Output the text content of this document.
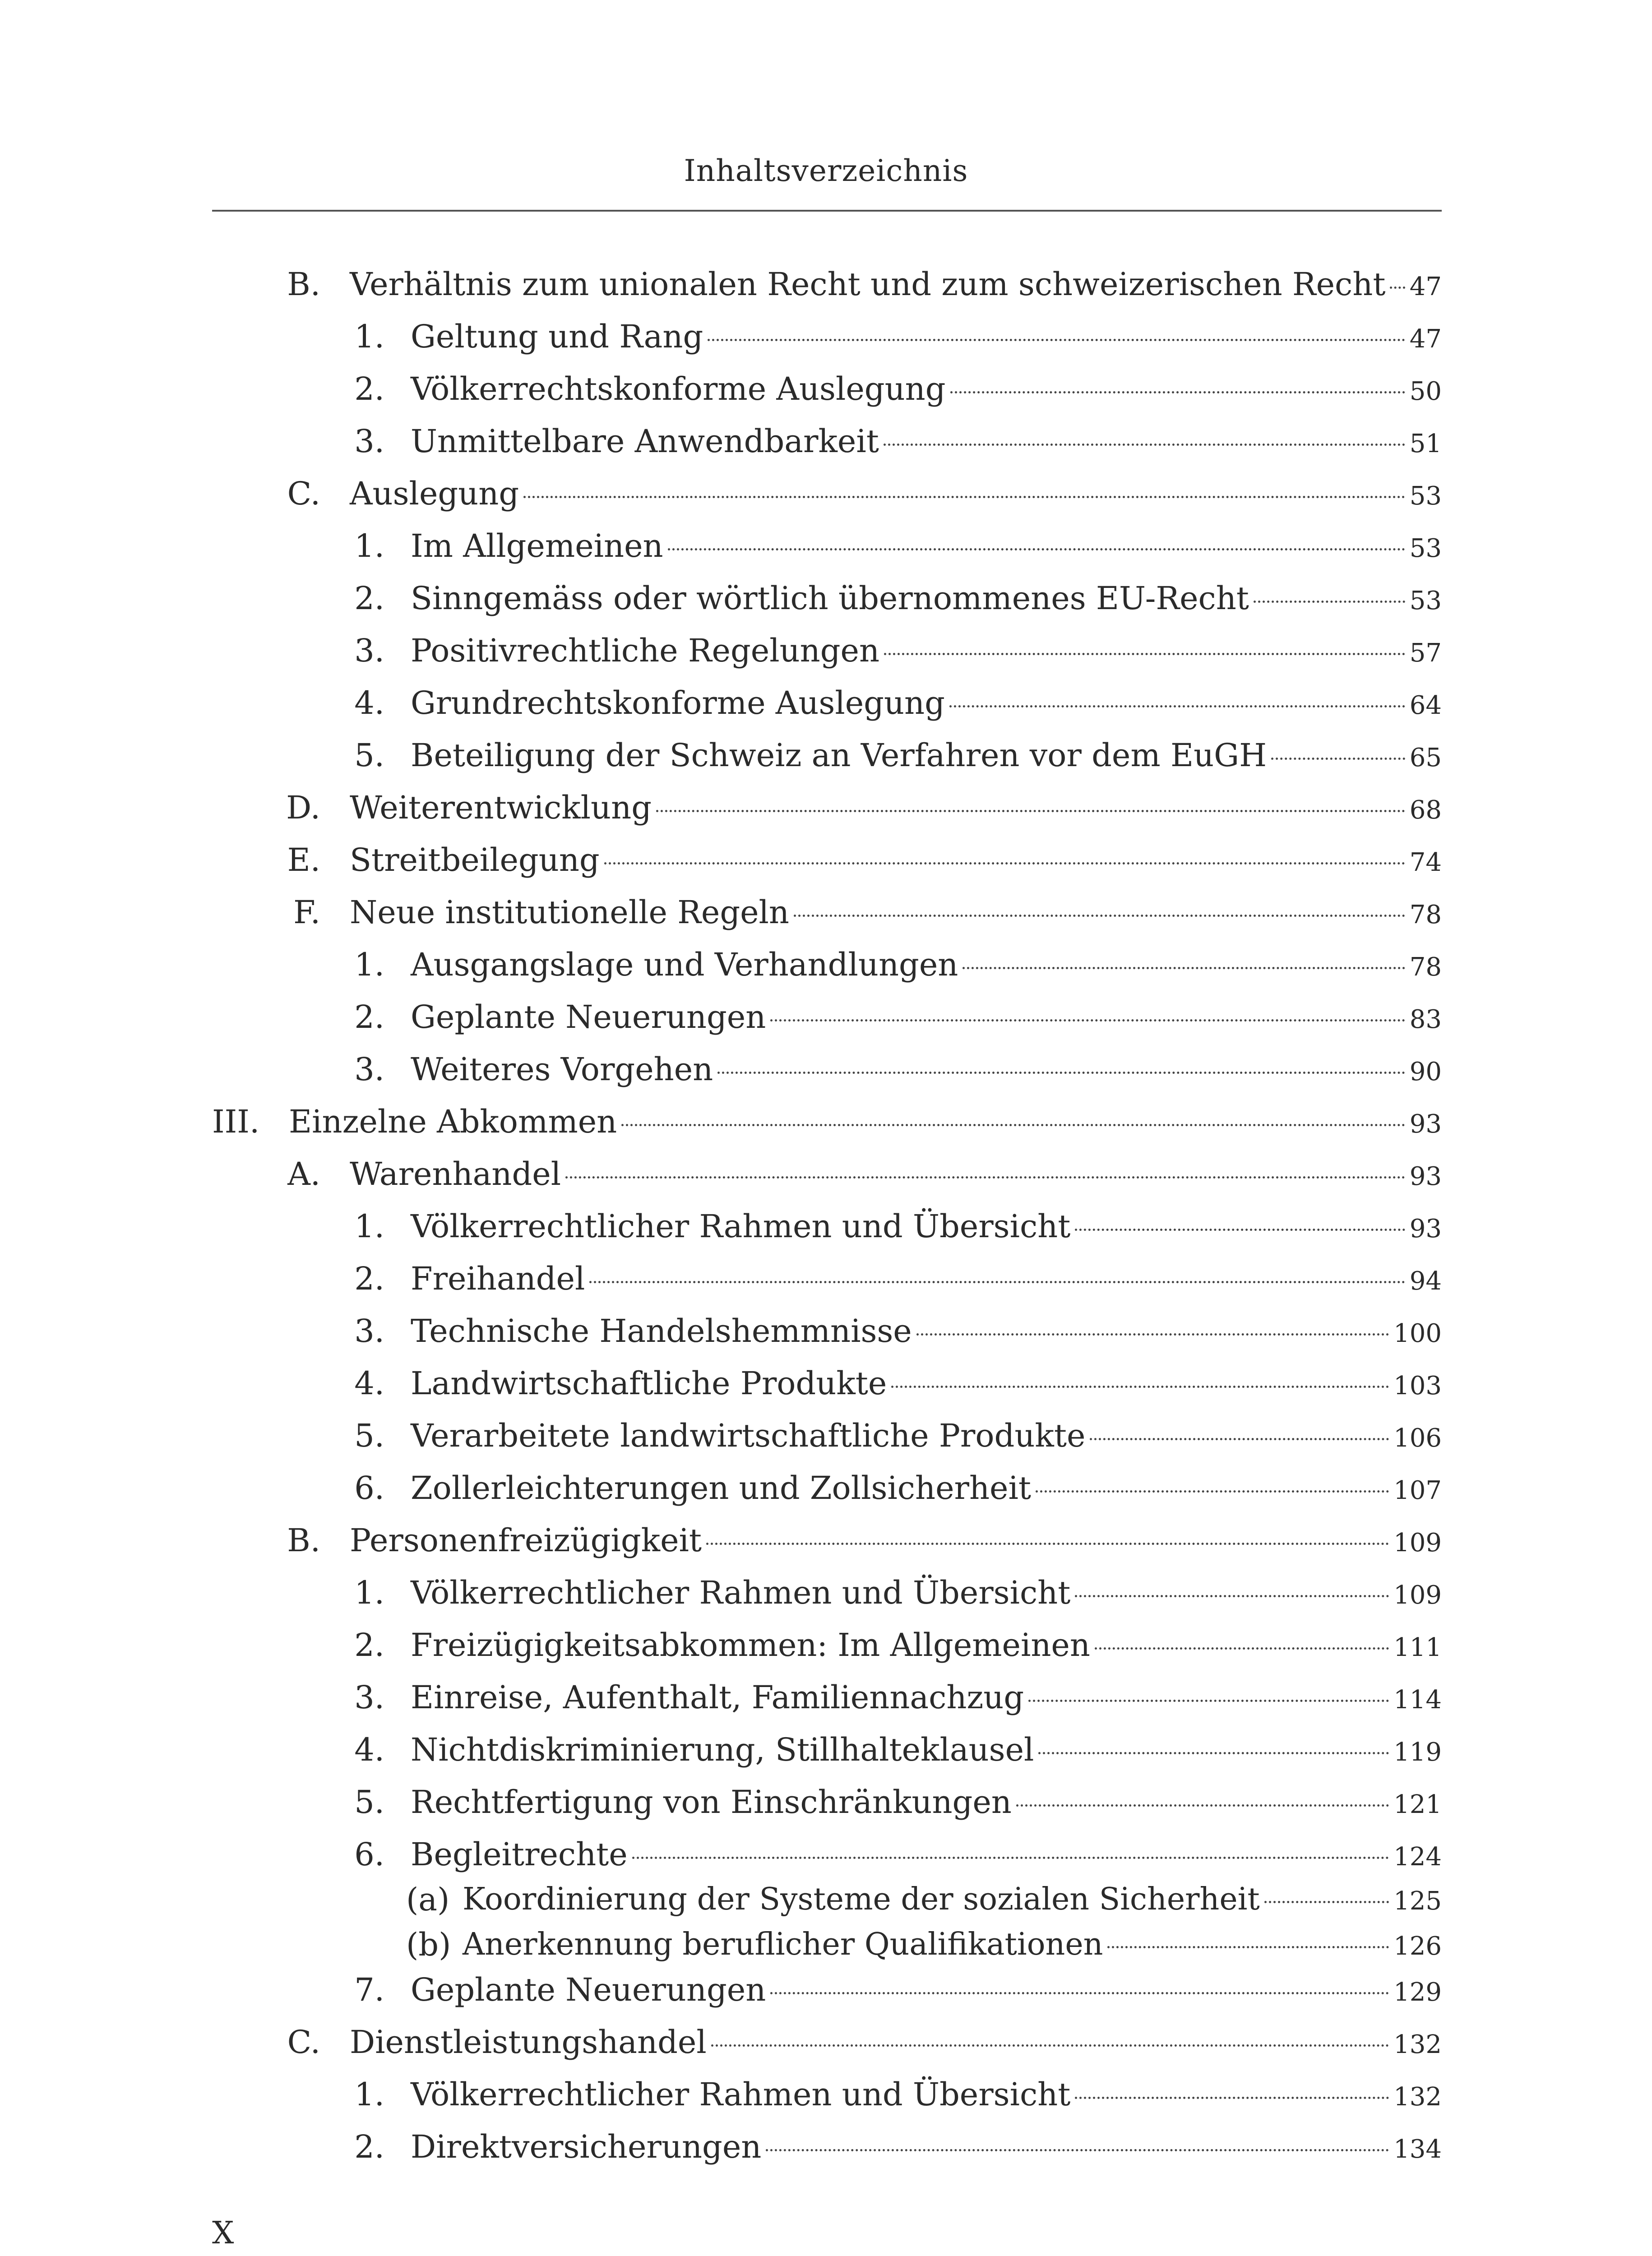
Inhaltsverzeichnis
B. Verhältnis zum unionalen Recht und zum schweizerischen Recht 47
1. Geltung und Rang	47
2. Völkerrechtskonforme Auslegung	50
3. Unmittelbare Anwendbarkeit	51
C. Auslegung	53
1. Im Allgemeinen	53
2. Sinngemäss oder wörtlich übernommenes EU-Recht	53
3. Positivrechtliche Regelungen	57
4. Grundrechtskonforme Auslegung	64
5. Beteiligung der Schweiz an Verfahren vor dem EuGH	65
D. Weiterentwicklung	68
E. Streitbeilegung	74
F. Neue institutionelle Regeln	78
1. Ausgangslage und Verhandlungen	78
2. Geplante Neuerungen	83
3. Weiteres Vorgehen	90
III. Einzelne Abkommen	93
A. Warenhandel	93
1. Völkerrechtlicher Rahmen und Übersicht	93
2. Freihandel	94
3. Technische Handelshemmnisse	100
4. Landwirtschaftliche Produkte	103
5. Verarbeitete landwirtschaftliche Produkte	106
6. Zollerleichterungen und Zollsicherheit	107
B. Personenfreizügigkeit	109
1. Völkerrechtlicher Rahmen und Übersicht	109
2. Freizügigkeitsabkommen: Im Allgemeinen	111
3. Einreise, Aufenthalt, Familiennachzug	114
4. Nichtdiskriminierung, Stillhalteklausel	119
5. Rechtfertigung von Einschränkungen	121
6. Begleitrechte	124
(a) Koordinierung der Systeme der sozialen Sicherheit	125
(b) Anerkennung beruflicher Qualifikationen	126
7. Geplante Neuerungen	129
C. Dienstleistungshandel	132
1. Völkerrechtlicher Rahmen und Übersicht	132
2. Direktversicherungen	134
X
